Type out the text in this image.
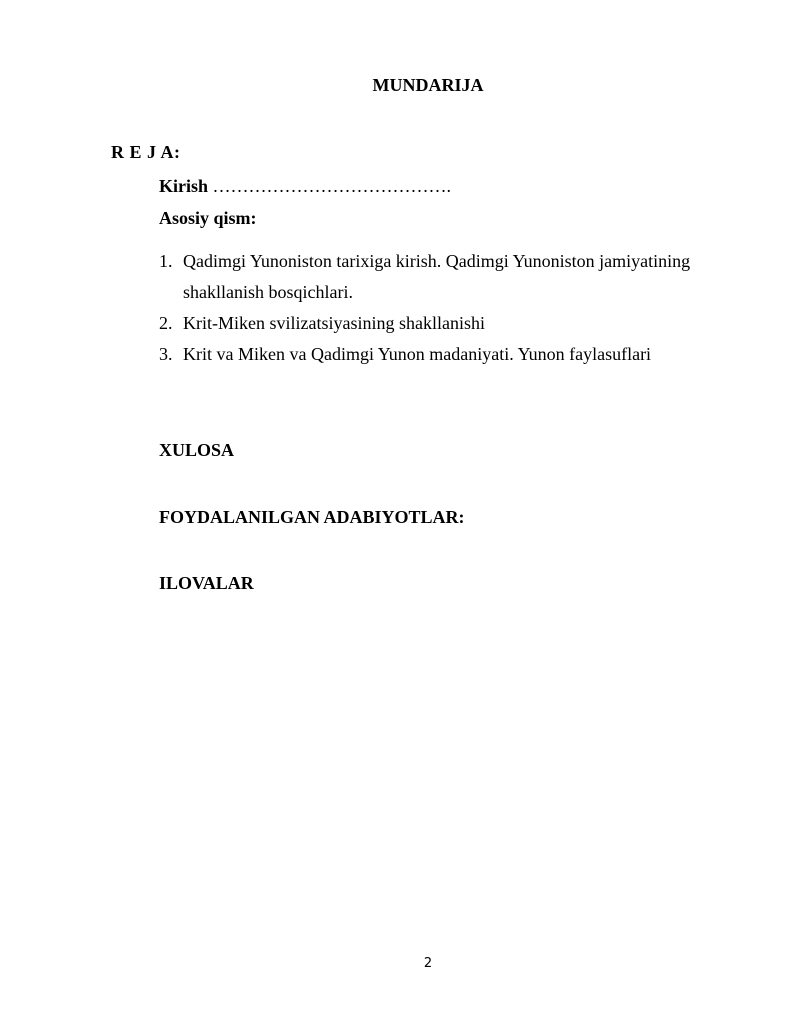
MUNDARIJA
R E J A:
Kirish ………………………………….
Asosiy qism:
1. Qadimgi Yunoniston tarixiga kirish. Qadimgi Yunoniston jamiyatining shakllanish bosqichlari.
2. Krit-Miken svilizatsiyasining shakllanishi
3. Krit va Miken va Qadimgi Yunon madaniyati. Yunon faylasuflari
XULOSA
FOYDALANILGAN ADABIYOTLAR:
ILOVALAR
2
